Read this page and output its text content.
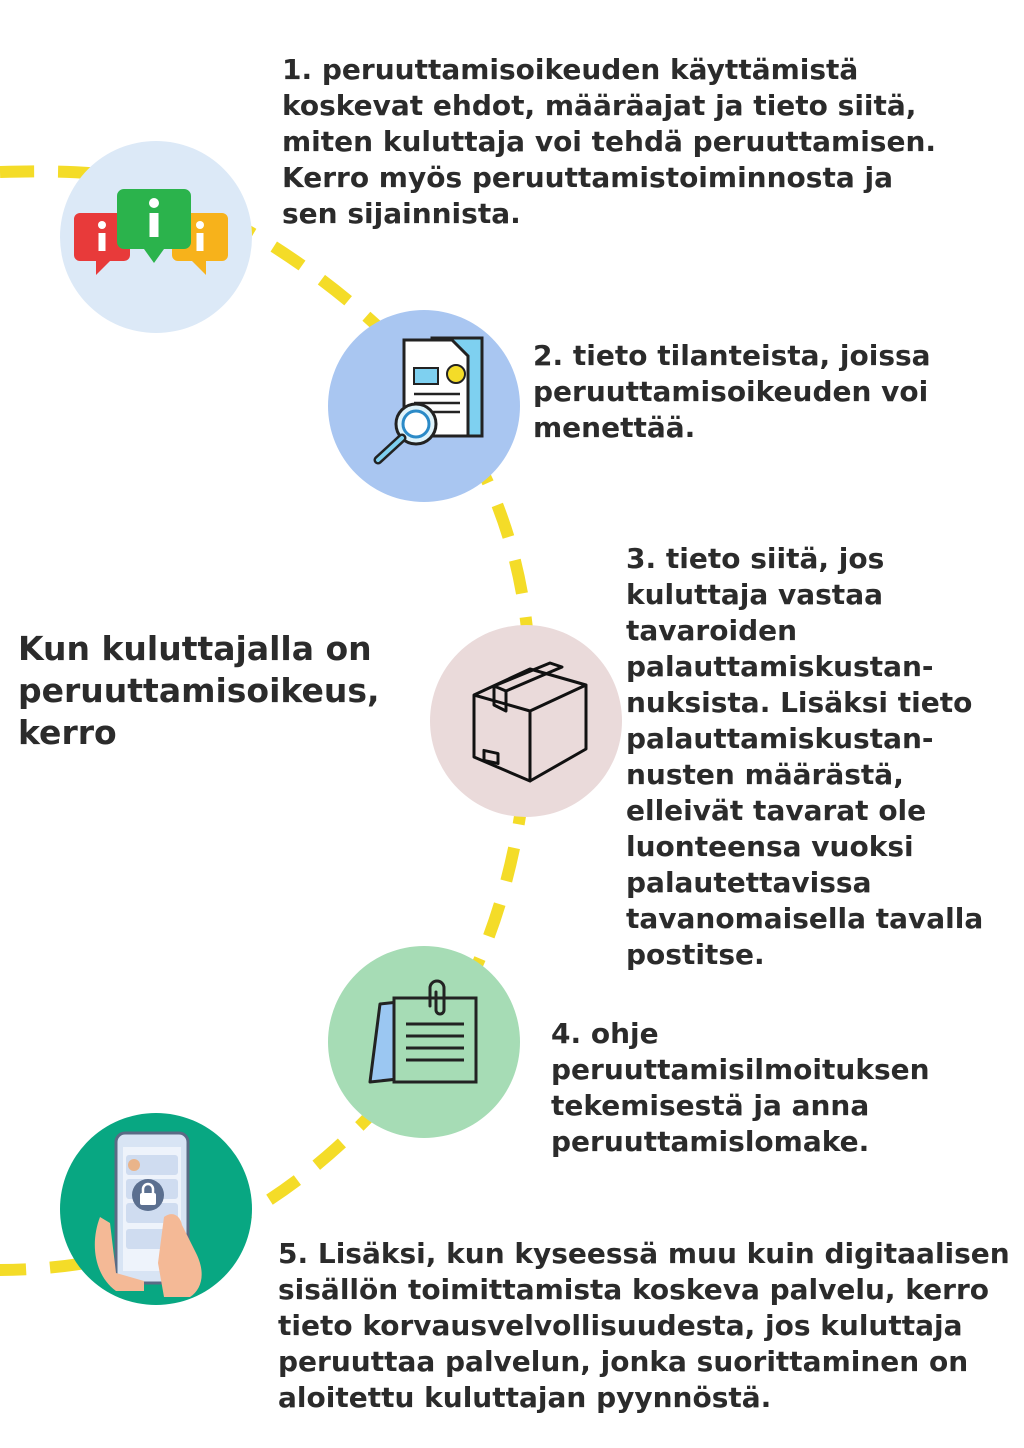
1. peruuttamisoikeuden käyttämistä
koskevat ehdot, määräajat ja tieto siitä,
miten kuluttaja voi tehdä peruuttamisen.
Kerro myös peruuttamistoiminnosta ja
sen sijainnista.

2. tieto tilanteista, joissa
peruuttamisoikeuden voi
menettää.

3. tieto siitä, jos
kuluttaja vastaa
tavaroiden
palauttamiskustan-
nuksista. Lisäksi tieto
palauttamiskustan-
nusten määrästä,
elleivät tavarat ole
luonteensa vuoksi
palautettavissa
tavanomaisella tavalla
postitse.

4. ohje
peruuttamisilmoituksen
tekemisestä ja anna
peruuttamislomake.

5. Lisäksi, kun kyseessä muu kuin digitaalisen
sisällön toimittamista koskeva palvelu, kerro
tieto korvausvelvollisuudesta, jos kuluttaja
peruuttaa palvelun, jonka suorittaminen on
aloitettu kuluttajan pyynnöstä.

Kun kuluttajalla on
peruuttamisoikeus,
kerro
